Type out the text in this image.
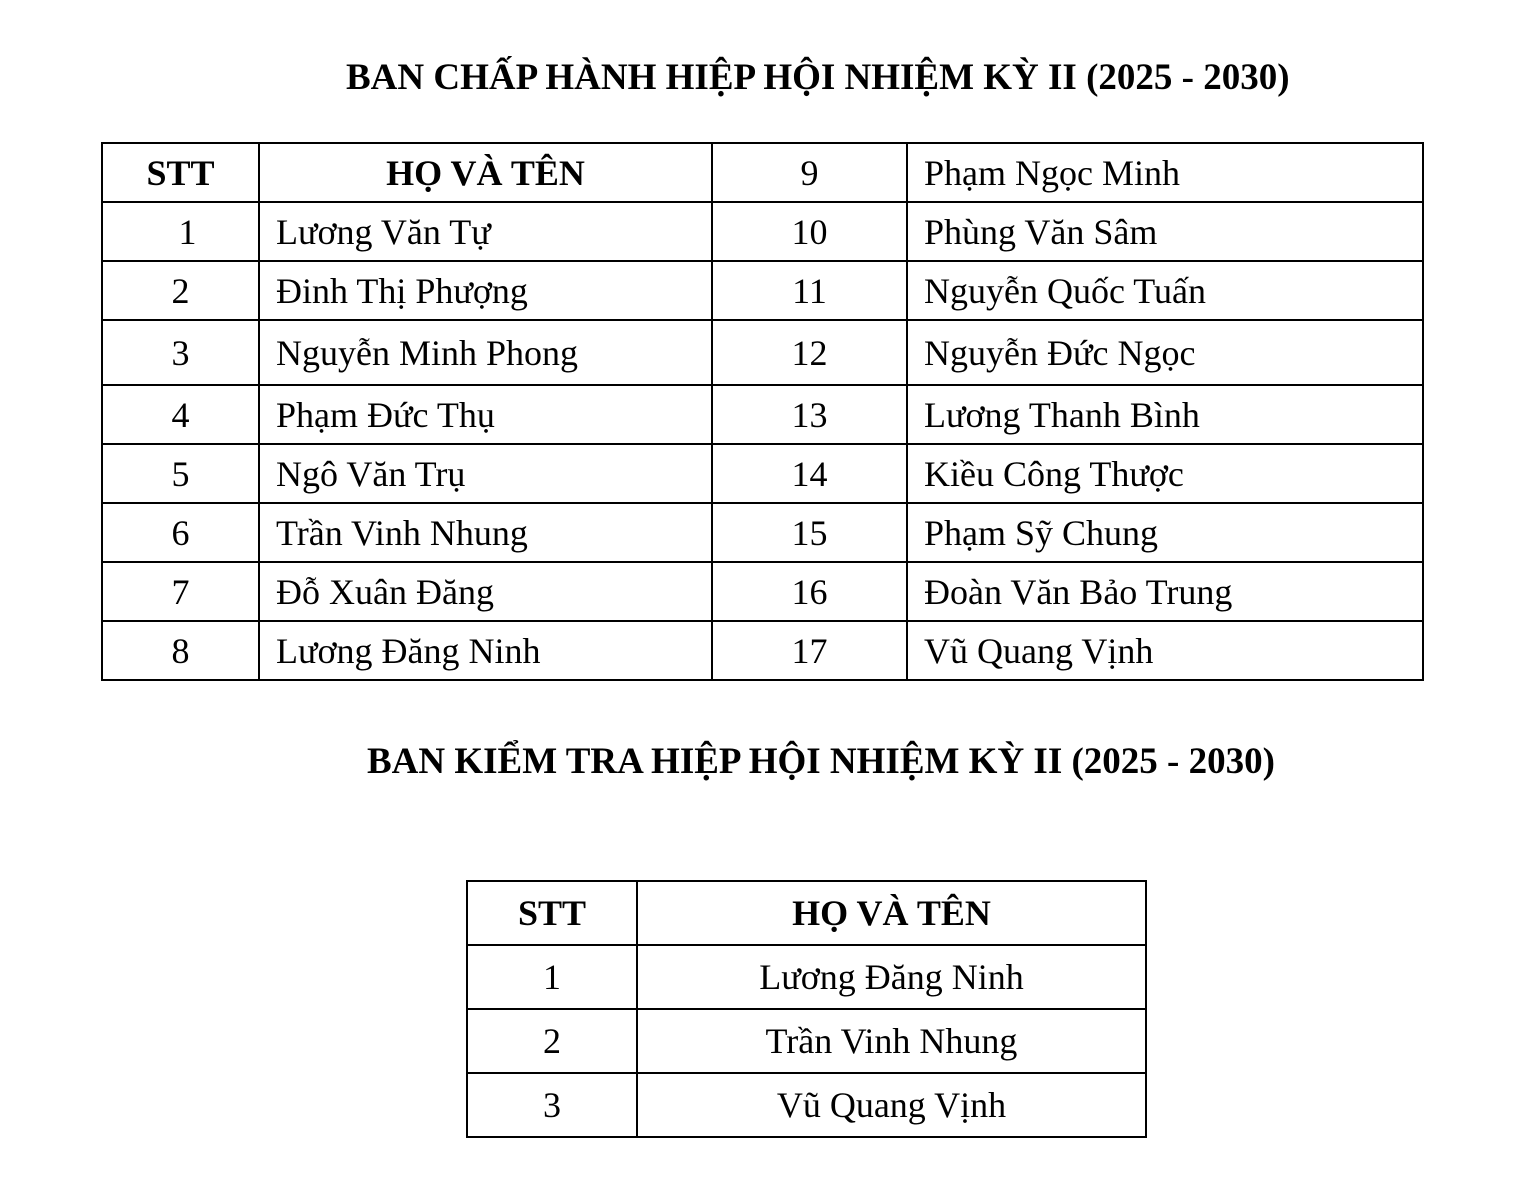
BAN CHẤP HÀNH HIỆP HỘI NHIỆM KỲ II (2025 - 2030)
STT	HỌ VÀ TÊN	9	Phạm Ngọc Minh
1	Lương Văn Tự	10	Phùng Văn Sâm
2	Đinh Thị Phượng	11	Nguyễn Quốc Tuấn
3	Nguyễn Minh Phong	12	Nguyễn Đức Ngọc
4	Phạm Đức Thụ	13	Lương Thanh Bình
5	Ngô Văn Trụ	14	Kiều Công Thược
6	Trần Vinh Nhung	15	Phạm Sỹ Chung
7	Đỗ Xuân Đăng	16	Đoàn Văn Bảo Trung
8	Lương Đăng Ninh	17	Vũ Quang Vịnh
BAN KIỂM TRA HIỆP HỘI NHIỆM KỲ II (2025 - 2030)
STT	HỌ VÀ TÊN
1	Lương Đăng Ninh
2	Trần Vinh Nhung
3	Vũ Quang Vịnh
